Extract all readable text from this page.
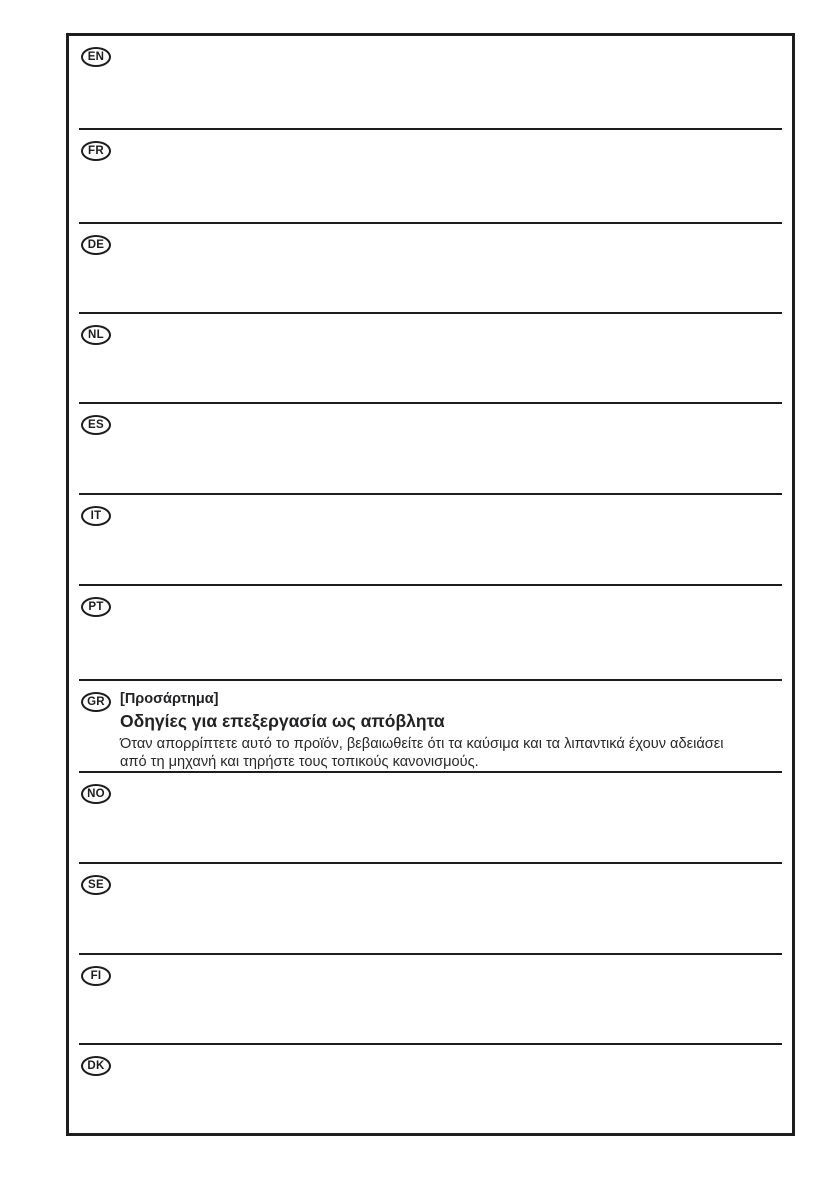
EN
FR
DE
NL
ES
IT
PT
GR	[Προσάρτημα]
Οδηγίες για επεξεργασία ως απόβλητα
Όταν απορρίπτετε αυτό το προϊόν, βεβαιωθείτε ότι τα καύσιμα και τα λιπαντικά έχουν αδειάσει
από τη μηχανή και τηρήστε τους τοπικούς κανονισμούς.
NO
SE
FI
DK
